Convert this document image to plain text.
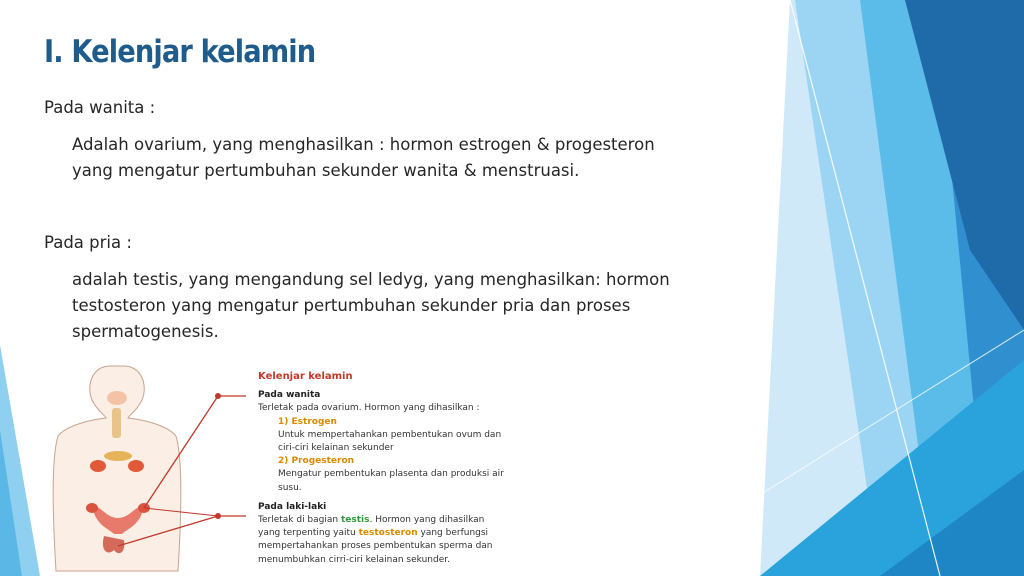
I. Kelenjar kelamin
Pada wanita :
Adalah ovarium, yang menghasilkan : hormon estrogen & progesteron
yang mengatur pertumbuhan sekunder wanita & menstruasi.
Pada pria :
adalah testis, yang mengandung sel ledyg, yang menghasilkan: hormon
testosteron yang mengatur pertumbuhan sekunder pria dan proses
spermatogenesis.
Kelenjar kelamin
Pada wanita
Terletak pada ovarium. Hormon yang dihasilkan :
1) Estrogen
Untuk mempertahankan pembentukan ovum dan
ciri-ciri kelainan sekunder
2) Progesteron
Mengatur pembentukan plasenta dan produksi air
susu.
Pada laki-laki
Terletak di bagian testis. Hormon yang dihasilkan
yang terpenting yaitu testosteron yang berfungsi
mempertahankan proses pembentukan sperma dan
menumbuhkan cirri-ciri kelainan sekunder.
